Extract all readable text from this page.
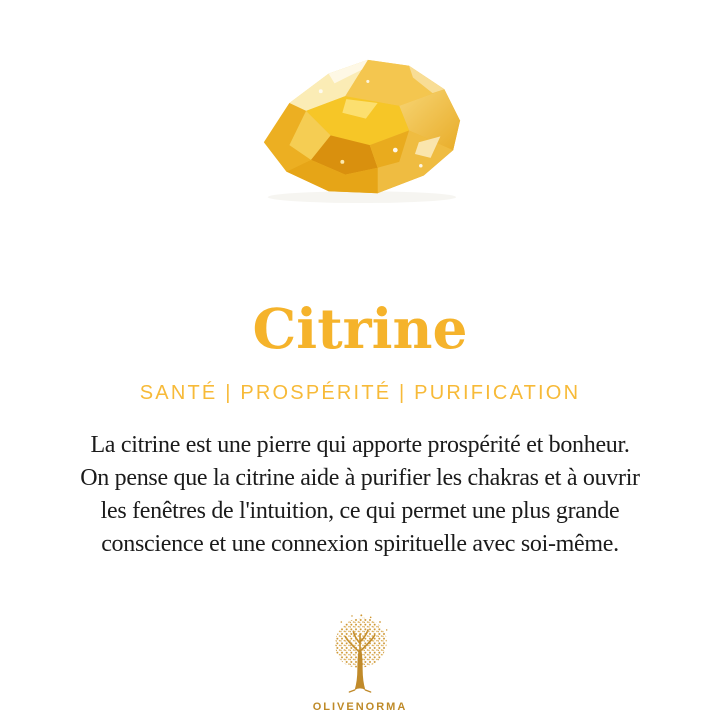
Citrine
SANTÉ | PROSPÉRITÉ | PURIFICATION
La citrine est une pierre qui apporte prospérité et bonheur.
On pense que la citrine aide à purifier les chakras et à ouvrir
les fenêtres de l'intuition, ce qui permet une plus grande
conscience et une connexion spirituelle avec soi-même.
OLIVENORMA
